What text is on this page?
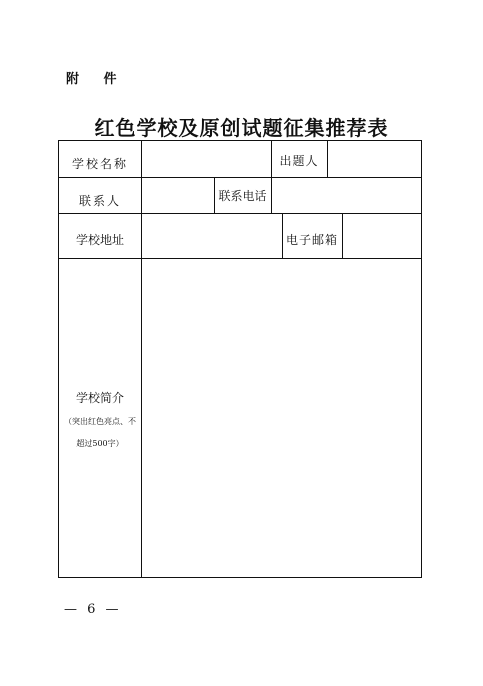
附 件
红色学校及原创试题征集推荐表
学校名称	出题人
联系人	联系电话
学校地址	电子邮箱
学校简介
（突出红色亮点、不
超过500字）
— 6 —
